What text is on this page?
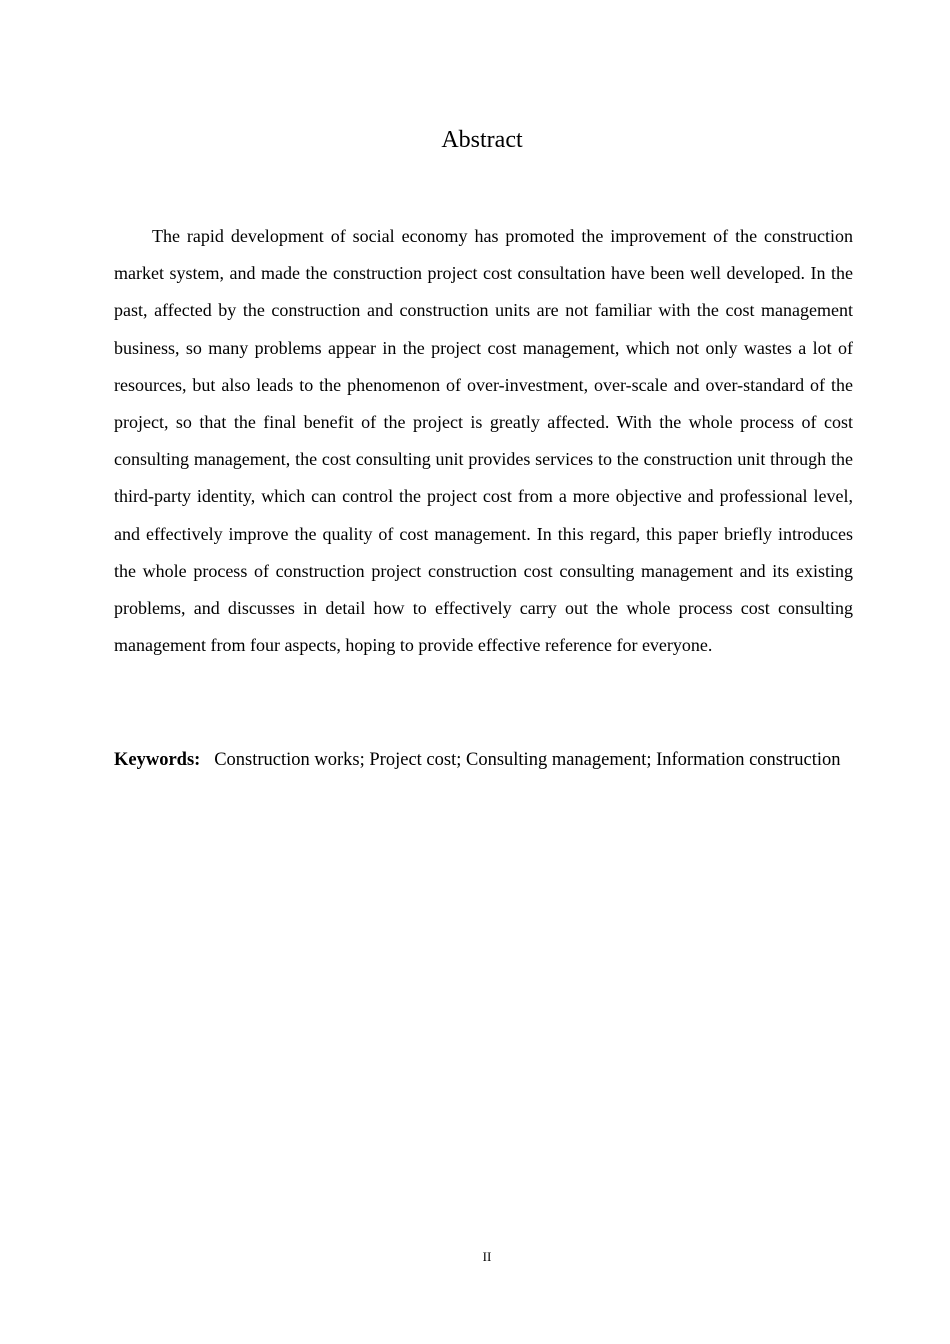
Abstract

The rapid development of social economy has promoted the improvement of the construction market system, and made the construction project cost consultation have been well developed. In the past, affected by the construction and construction units are not familiar with the cost management business, so many problems appear in the project cost management, which not only wastes a lot of resources, but also leads to the phenomenon of over-investment, over-scale and over-standard of the project, so that the final benefit of the project is greatly affected. With the whole process of cost consulting management, the cost consulting unit provides services to the construction unit through the third-party identity, which can control the project cost from a more objective and professional level, and effectively improve the quality of cost management. In this regard, this paper briefly introduces the whole process of construction project construction cost consulting management and its existing problems, and discusses in detail how to effectively carry out the whole process cost consulting management from four aspects, hoping to provide effective reference for everyone.

Keywords: Construction works; Project cost; Consulting management; Information construction

II
